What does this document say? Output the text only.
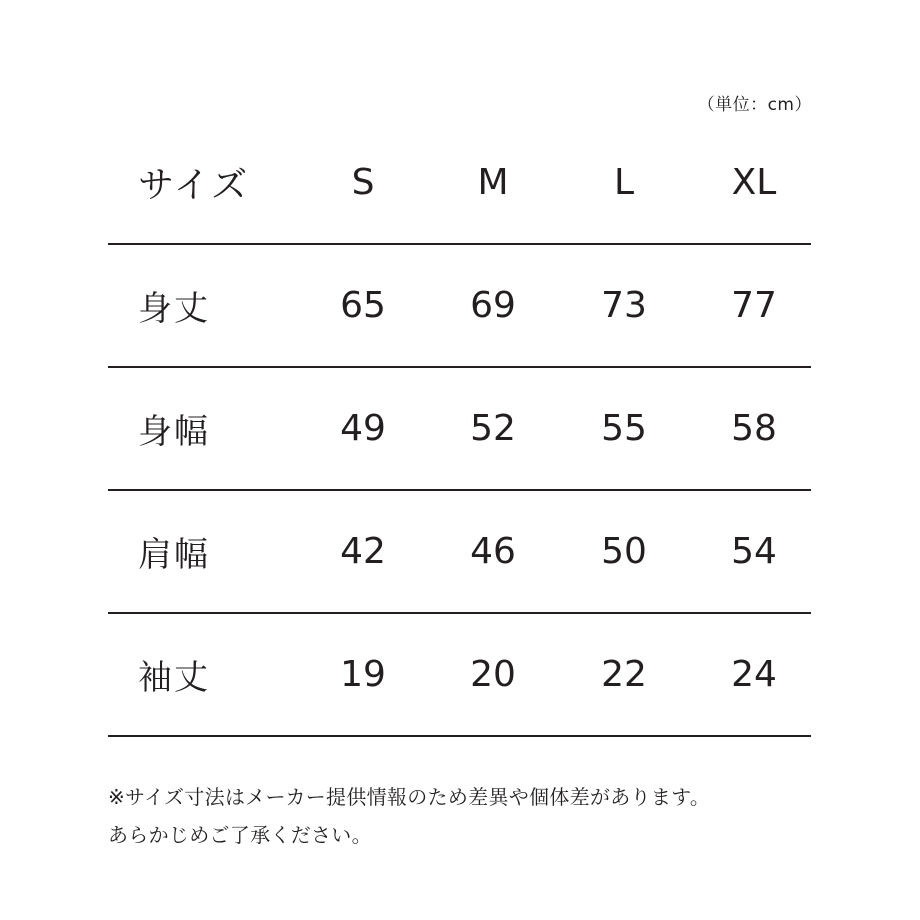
（単位：cm）
サイズ	S	M	L	XL
身丈	65	69	73	77
身幅	49	52	55	58
肩幅	42	46	50	54
袖丈	19	20	22	24
※サイズ寸法はメーカー提供情報のため差異や個体差があります。
あらかじめご了承ください。
